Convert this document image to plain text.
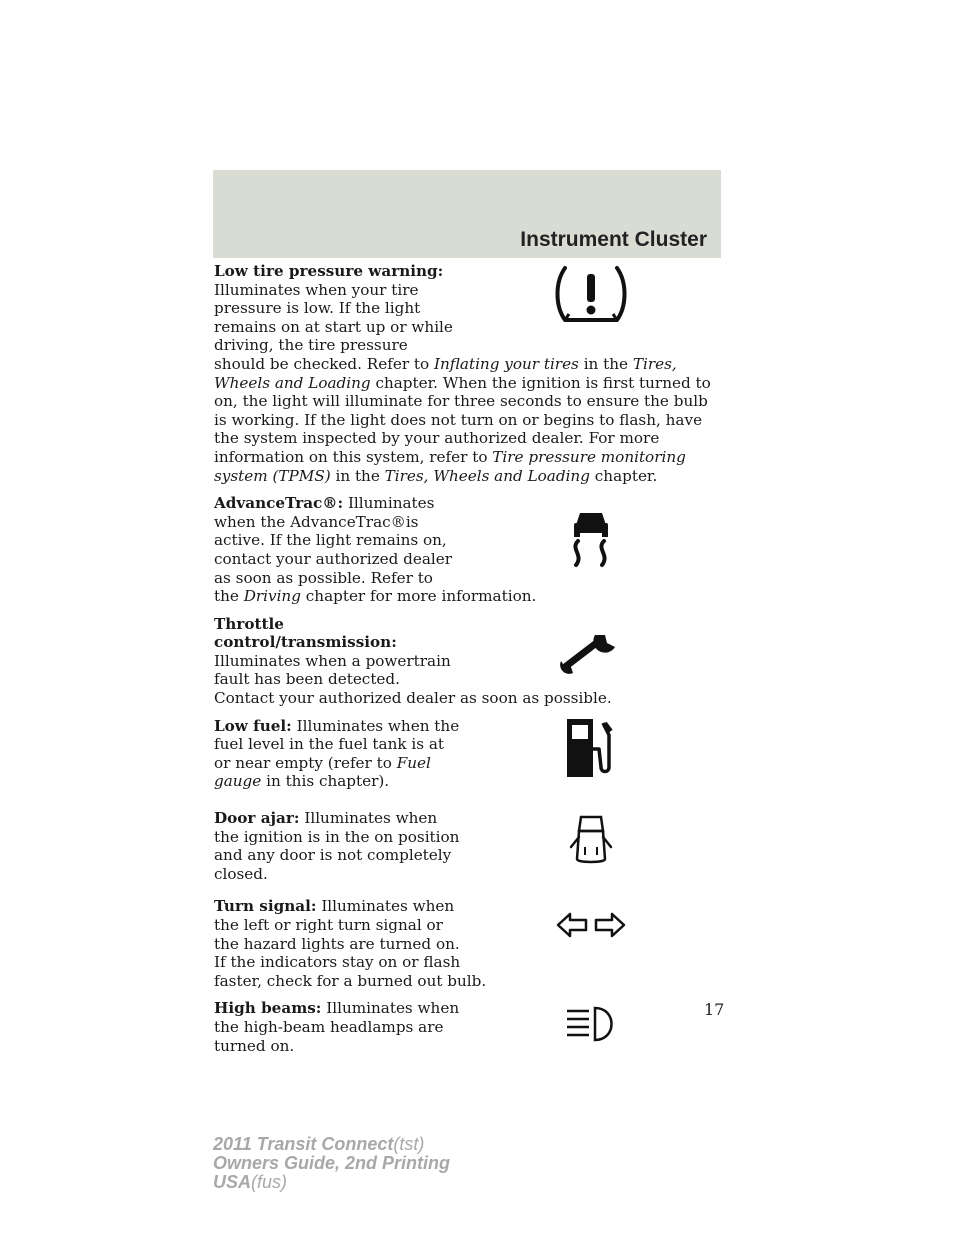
Instrument Cluster
Low tire pressure warning:
Illuminates when your tire pressure is low. If the light remains on at start up or while driving, the tire pressure should be checked. Refer to Inflating your tires in the Tires, Wheels and Loading chapter. When the ignition is first turned to on, the light will illuminate for three seconds to ensure the bulb is working. If the light does not turn on or begins to flash, have the system inspected by your authorized dealer. For more information on this system, refer to Tire pressure monitoring system (TPMS) in the Tires, Wheels and Loading chapter.
AdvanceTrac®: Illuminates when the AdvanceTrac®is active. If the light remains on, contact your authorized dealer as soon as possible. Refer to the Driving chapter for more information.
Throttle control/transmission:
Illuminates when a powertrain fault has been detected. Contact your authorized dealer as soon as possible.
Low fuel: Illuminates when the fuel level in the fuel tank is at or near empty (refer to Fuel gauge in this chapter).
Door ajar: Illuminates when the ignition is in the on position and any door is not completely closed.
Turn signal: Illuminates when the left or right turn signal or the hazard lights are turned on. If the indicators stay on or flash faster, check for a burned out bulb.
High beams: Illuminates when the high-beam headlamps are turned on.
17
2011 Transit Connect(tst)
Owners Guide, 2nd Printing
USA(fus)
